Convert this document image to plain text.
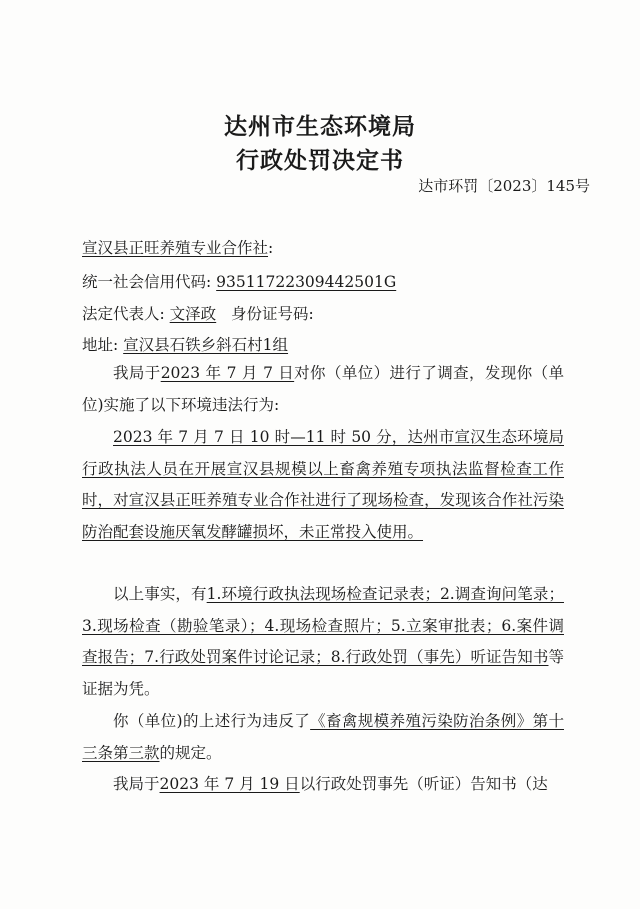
达州市生态环境局
行政处罚决定书
达市环罚〔2023〕145号
宣汉县正旺养殖专业合作社:
统一社会信用代码: 93511722309442501G
法定代表人: 文泽政 身份证号码:
地址: 宣汉县石铁乡斜石村1组
我局于2023 年 7 月 7 日对你（单位）进行了调查，发现你（单位)实施了以下环境违法行为:
2023 年 7 月 7 日 10 时—11 时 50 分，达州市宣汉生态环境局行政执法人员在开展宣汉县规模以上畜禽养殖专项执法监督检查工作时，对宣汉县正旺养殖专业合作社进行了现场检查，发现该合作社污染防治配套设施厌氧发酵罐损坏，未正常投入使用。
以上事实，有1.环境行政执法现场检查记录表；2.调查询问笔录；3.现场检查（勘验笔录）；4.现场检查照片；5.立案审批表；6.案件调查报告；7.行政处罚案件讨论记录；8.行政处罚（事先）听证告知书等证据为凭。
你（单位)的上述行为违反了《畜禽规模养殖污染防治条例》第十三条第三款的规定。
我局于2023 年 7 月 19 日以行政处罚事先（听证）告知书（达
